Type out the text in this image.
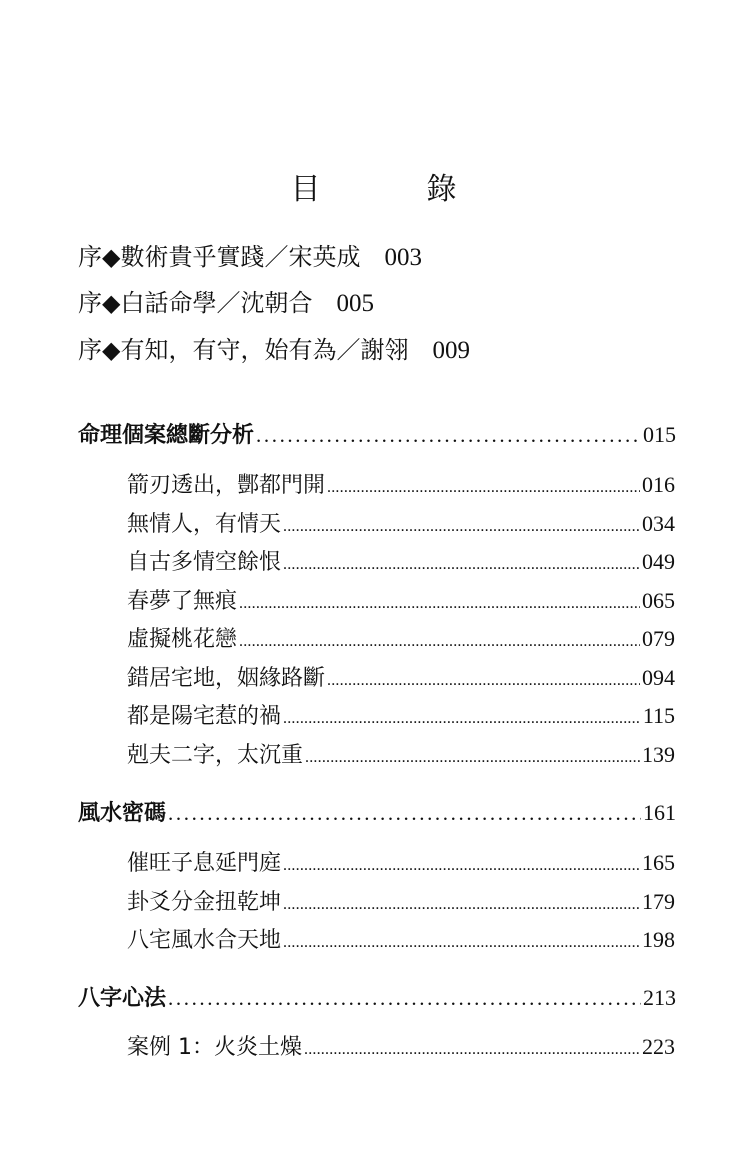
目　錄
序◆數術貴乎實踐／宋英成 003
序◆白話命學／沈朝合 005
序◆有知，有守，始有為／謝翎 009
命理個案總斷分析 .....	015
箭刃透出，酆都門開 .....	016
無情人，有情天 .....	034
自古多情空餘恨 .....	049
春夢了無痕 .....	065
虛擬桃花戀 .....	079
錯居宅地，姻緣路斷 .....	094
都是陽宅惹的禍 .....	115
剋夫二字，太沉重 .....	139
風水密碼 .....	161
催旺子息延門庭 .....	165
卦爻分金扭乾坤 .....	179
八宅風水合天地 .....	198
八字心法 .....	213
案例 1：火炎土燥 .....	223
